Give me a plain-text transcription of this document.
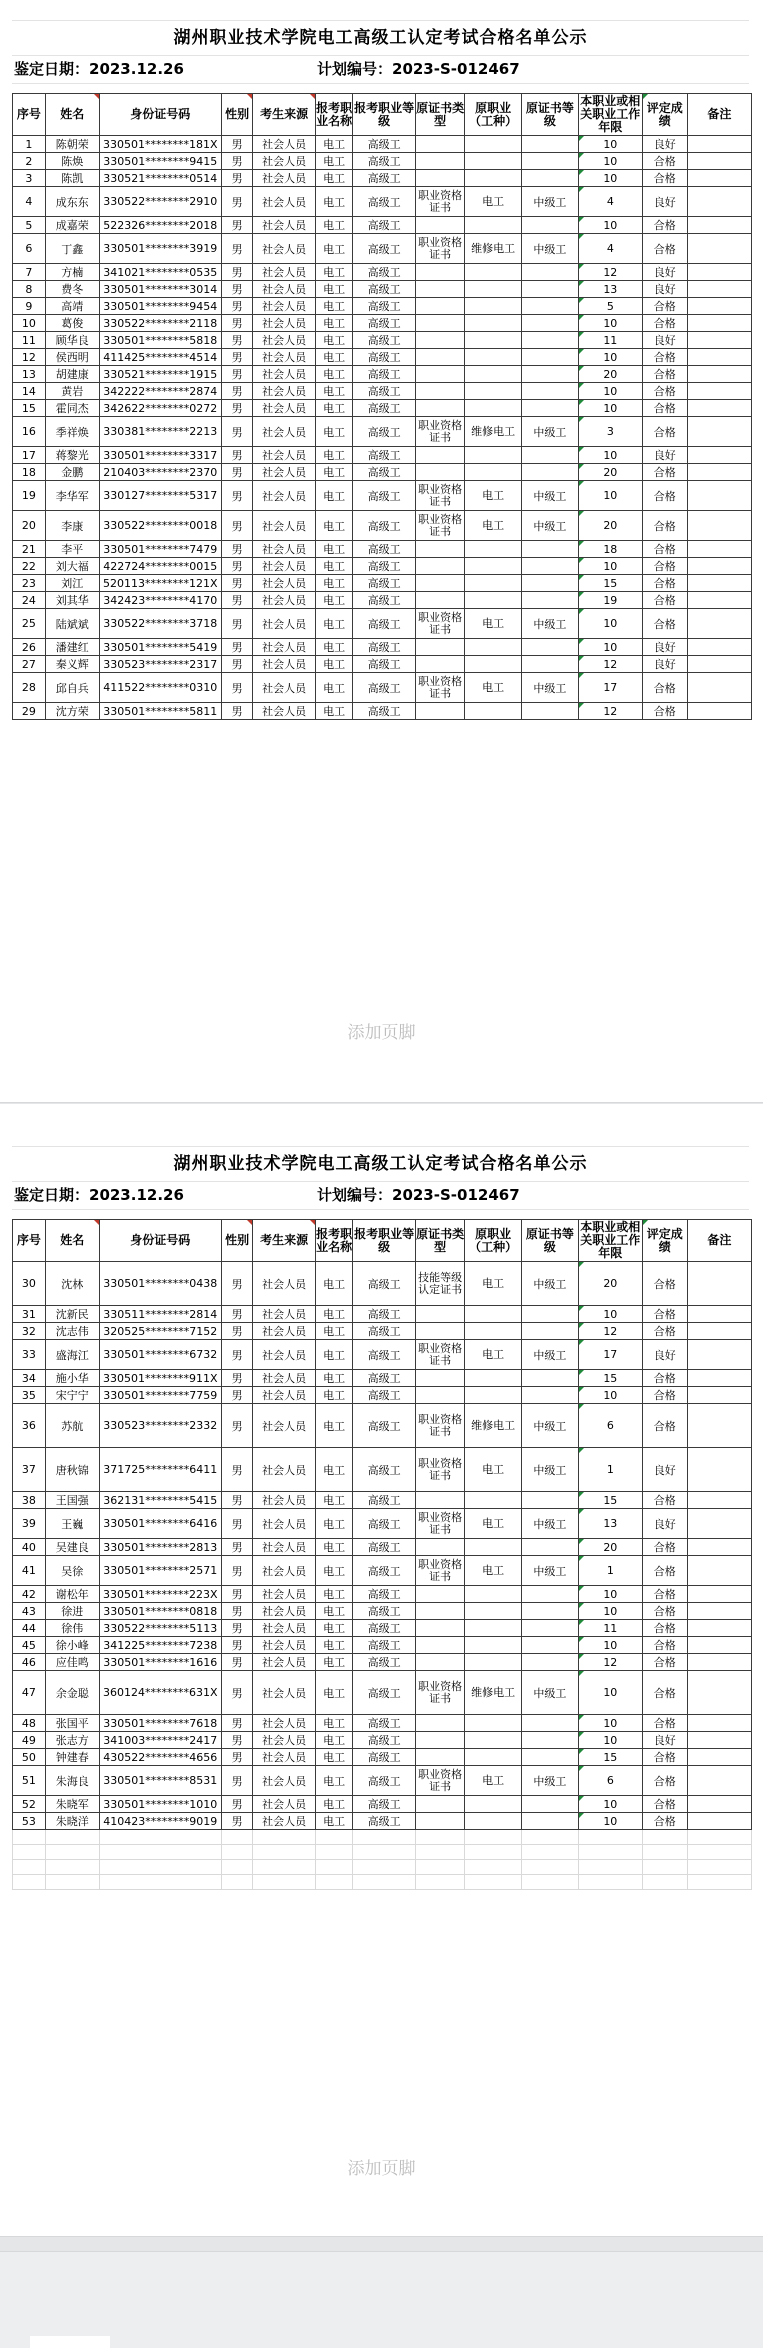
湖州职业技术学院电工高级工认定考试合格名单公示
鉴定日期：2023.12.26	计划编号：2023-S-012467
序号	姓名	身份证号码	性别	考生来源	报考职业名称	报考职业等级	原证书类型	原职业（工种）	原证书等级	本职业或相关职业工作年限	评定成绩	备注
1	陈朝荣	330501********181X	男	社会人员	电工	高级工				10	良好	
2	陈焕	330501********9415	男	社会人员	电工	高级工				10	合格	
3	陈凯	330521********0514	男	社会人员	电工	高级工				10	合格	
4	成东东	330522********2910	男	社会人员	电工	高级工	职业资格证书	电工	中级工	4	良好	
5	成嘉荣	522326********2018	男	社会人员	电工	高级工				10	合格	
6	丁鑫	330501********3919	男	社会人员	电工	高级工	职业资格证书	维修电工	中级工	4	合格	
7	方楠	341021********0535	男	社会人员	电工	高级工				12	良好	
8	费冬	330501********3014	男	社会人员	电工	高级工				13	良好	
9	高靖	330501********9454	男	社会人员	电工	高级工				5	合格	
10	葛俊	330522********2118	男	社会人员	电工	高级工				10	合格	
11	顾华良	330501********5818	男	社会人员	电工	高级工				11	良好	
12	侯西明	411425********4514	男	社会人员	电工	高级工				10	合格	
13	胡建康	330521********1915	男	社会人员	电工	高级工				20	合格	
14	黄岩	342222********2874	男	社会人员	电工	高级工				10	合格	
15	霍同杰	342622********0272	男	社会人员	电工	高级工				10	合格	
16	季祥焕	330381********2213	男	社会人员	电工	高级工	职业资格证书	维修电工	中级工	3	合格	
17	蒋黎光	330501********3317	男	社会人员	电工	高级工				10	良好	
18	金鹏	210403********2370	男	社会人员	电工	高级工				20	合格	
19	李华军	330127********5317	男	社会人员	电工	高级工	职业资格证书	电工	中级工	10	合格	
20	李康	330522********0018	男	社会人员	电工	高级工	职业资格证书	电工	中级工	20	合格	
21	李平	330501********7479	男	社会人员	电工	高级工				18	合格	
22	刘大福	422724********0015	男	社会人员	电工	高级工				10	合格	
23	刘江	520113********121X	男	社会人员	电工	高级工				15	合格	
24	刘其华	342423********4170	男	社会人员	电工	高级工				19	合格	
25	陆斌斌	330522********3718	男	社会人员	电工	高级工	职业资格证书	电工	中级工	10	合格	
26	潘建红	330501********5419	男	社会人员	电工	高级工				10	良好	
27	秦义辉	330523********2317	男	社会人员	电工	高级工				12	良好	
28	邱自兵	411522********0310	男	社会人员	电工	高级工	职业资格证书	电工	中级工	17	合格	
29	沈方荣	330501********5811	男	社会人员	电工	高级工				12	合格	
添加页脚
湖州职业技术学院电工高级工认定考试合格名单公示
鉴定日期：2023.12.26	计划编号：2023-S-012467
序号	姓名	身份证号码	性别	考生来源	报考职业名称	报考职业等级	原证书类型	原职业（工种）	原证书等级	本职业或相关职业工作年限	评定成绩	备注
30	沈林	330501********0438	男	社会人员	电工	高级工	技能等级认定证书	电工	中级工	20	合格	
31	沈新民	330511********2814	男	社会人员	电工	高级工				10	合格	
32	沈志伟	320525********7152	男	社会人员	电工	高级工				12	合格	
33	盛海江	330501********6732	男	社会人员	电工	高级工	职业资格证书	电工	中级工	17	良好	
34	施小华	330501********911X	男	社会人员	电工	高级工				15	合格	
35	宋宁宁	330501********7759	男	社会人员	电工	高级工				10	合格	
36	苏航	330523********2332	男	社会人员	电工	高级工	职业资格证书	维修电工	中级工	6	合格	
37	唐秋锦	371725********6411	男	社会人员	电工	高级工	职业资格证书	电工	中级工	1	良好	
38	王国强	362131********5415	男	社会人员	电工	高级工				15	合格	
39	王巍	330501********6416	男	社会人员	电工	高级工	职业资格证书	电工	中级工	13	良好	
40	吴建良	330501********2813	男	社会人员	电工	高级工				20	合格	
41	吴徐	330501********2571	男	社会人员	电工	高级工	职业资格证书	电工	中级工	1	合格	
42	谢松年	330501********223X	男	社会人员	电工	高级工				10	合格	
43	徐进	330501********0818	男	社会人员	电工	高级工				10	合格	
44	徐伟	330522********5113	男	社会人员	电工	高级工				11	合格	
45	徐小峰	341225********7238	男	社会人员	电工	高级工				10	合格	
46	应佳鸣	330501********1616	男	社会人员	电工	高级工				12	合格	
47	余金聪	360124********631X	男	社会人员	电工	高级工	职业资格证书	维修电工	中级工	10	合格	
48	张国平	330501********7618	男	社会人员	电工	高级工				10	合格	
49	张志方	341003********2417	男	社会人员	电工	高级工				10	良好	
50	钟建春	430522********4656	男	社会人员	电工	高级工				15	合格	
51	朱海良	330501********8531	男	社会人员	电工	高级工	职业资格证书	电工	中级工	6	合格	
52	朱晓军	330501********1010	男	社会人员	电工	高级工				10	合格	
53	朱晓洋	410423********9019	男	社会人员	电工	高级工				10	合格	

添加页脚
